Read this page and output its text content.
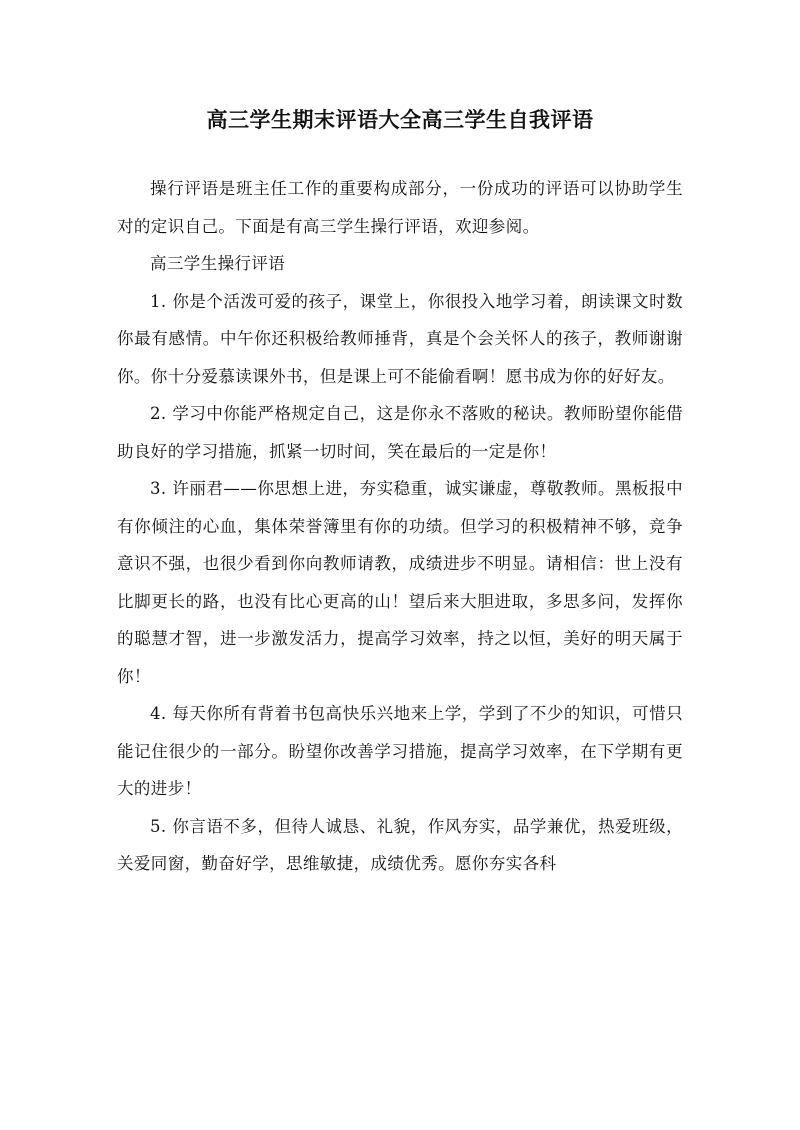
高三学生期末评语大全高三学生自我评语

操行评语是班主任工作的重要构成部分，一份成功的评语可以协助学生对的定识自己。下面是有高三学生操行评语，欢迎参阅。

高三学生操行评语

1. 你是个活泼可爱的孩子，课堂上，你很投入地学习着，朗读课文时数你最有感情。中午你还积极给教师捶背，真是个会关怀人的孩子，教师谢谢你。你十分爱慕读课外书，但是课上可不能偷看啊！愿书成为你的好好友。

2. 学习中你能严格规定自己，这是你永不落败的秘诀。教师盼望你能借助良好的学习措施，抓紧一切时间，笑在最后的一定是你！

3. 许丽君——你思想上进，夯实稳重，诚实谦虚，尊敬教师。黑板报中有你倾注的心血，集体荣誉簿里有你的功绩。但学习的积极精神不够，竞争意识不强，也很少看到你向教师请教，成绩进步不明显。请相信：世上没有比脚更长的路，也没有比心更高的山！望后来大胆进取，多思多问，发挥你的聪慧才智，进一步激发活力，提高学习效率，持之以恒，美好的明天属于你！

4. 每天你所有背着书包高快乐兴地来上学，学到了不少的知识，可惜只能记住很少的一部分。盼望你改善学习措施，提高学习效率，在下学期有更大的进步！

5. 你言语不多，但待人诚恳、礼貌，作风夯实，品学兼优，热爱班级，关爱同窗，勤奋好学，思维敏捷，成绩优秀。愿你夯实各科
